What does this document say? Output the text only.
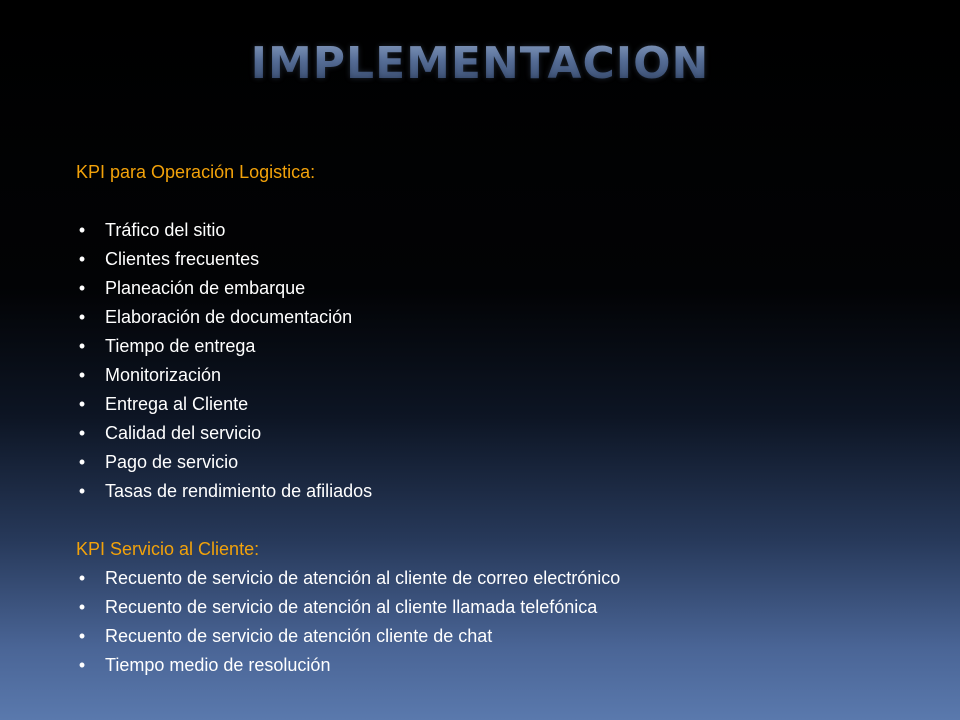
IMPLEMENTACION
KPI para Operación Logistica:
• Tráfico del sitio
• Clientes frecuentes
• Planeación de embarque
• Elaboración de documentación
• Tiempo de entrega
• Monitorización
• Entrega al Cliente
• Calidad del servicio
• Pago de servicio
• Tasas de rendimiento de afiliados
KPI Servicio al Cliente:
• Recuento de servicio de atención al cliente de correo electrónico
• Recuento de servicio de atención al cliente llamada telefónica
• Recuento de servicio de atención cliente de chat
• Tiempo medio de resolución
